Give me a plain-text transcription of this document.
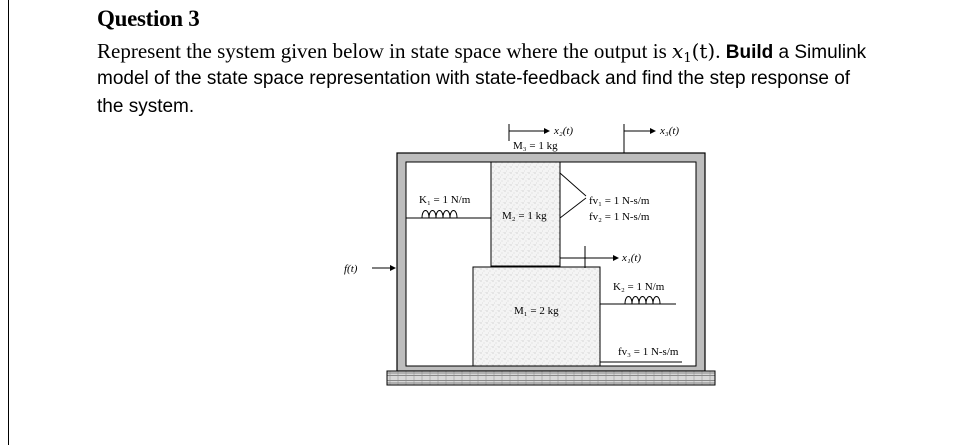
Question 3
Represent the system given below in state space where the output is $x_1(t)$. Build a Simulink
model of the state space representation with state-feedback and find the step response of
the system.
x₂(t)	x₃(t)
x₁(t)
M₃ = 1 kg
M₂ = 1 kg
M₁ = 2 kg
K₁ = 1 N/m
K₂ = 1 N/m
fv₁ = 1 N-s/m
fv₂ = 1 N-s/m
fv₃ = 1 N-s/m
f(t)
